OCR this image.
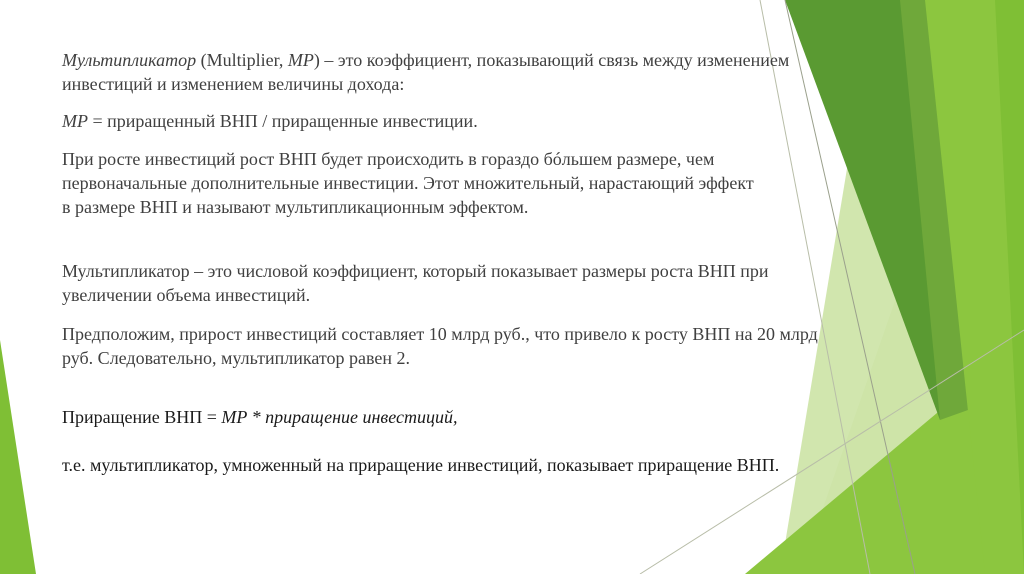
Мультипликатор (Multiplier, MP) – это коэффициент, показывающий связь между изменением инвестиций и изменением величины дохода:

MP = приращенный ВНП / приращенные инвестиции.

При росте инвестиций рост ВНП будет происходить в гораздо бóльшем размере, чем первоначальные дополнительные инвестиции. Этот множительный, нарастающий эффект в размере ВНП и называют мультипликационным эффектом.

Мультипликатор – это числовой коэффициент, который показывает размеры роста ВНП при увеличении объема инвестиций.

Предположим, прирост инвестиций составляет 10 млрд руб., что привело к росту ВНП на 20 млрд руб. Следовательно, мультипликатор равен 2.

Приращение ВНП = MP * приращение инвестиций,

т.е. мультипликатор, умноженный на приращение инвестиций, показывает приращение ВНП.
